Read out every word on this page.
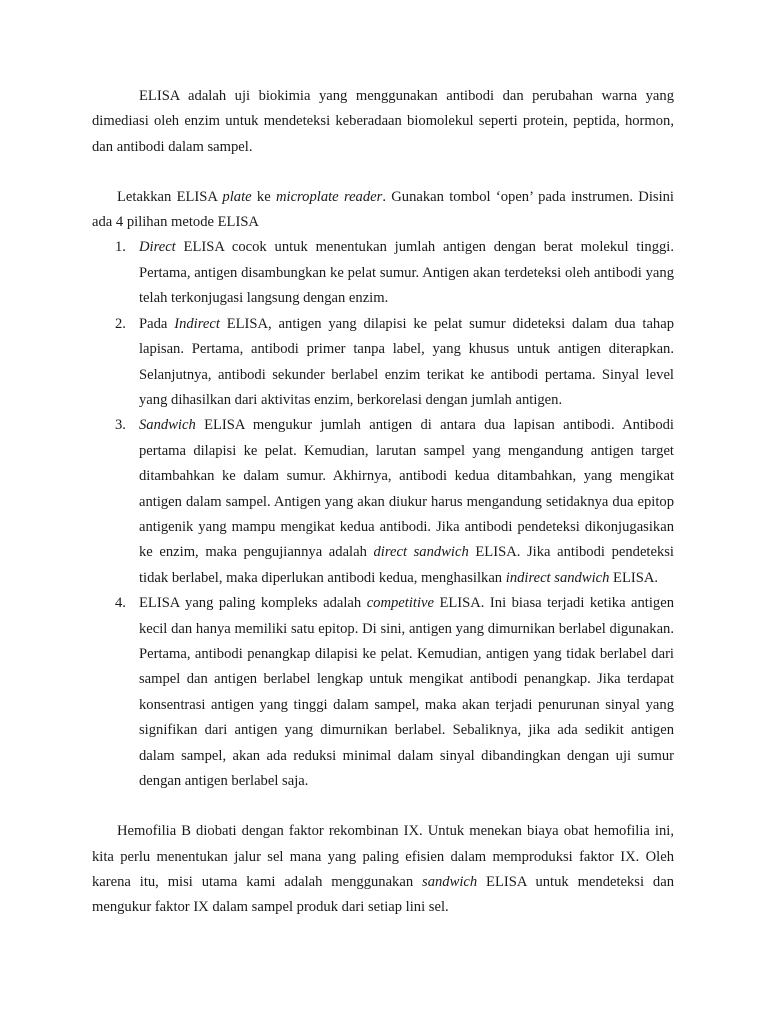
ELISA adalah uji biokimia yang menggunakan antibodi dan perubahan warna yang dimediasi oleh enzim untuk mendeteksi keberadaan biomolekul seperti protein, peptida, hormon, dan antibodi dalam sampel.

Letakkan ELISA plate ke microplate reader. Gunakan tombol ‘open’ pada instrumen. Disini ada 4 pilihan metode ELISA

1. Direct ELISA cocok untuk menentukan jumlah antigen dengan berat molekul tinggi. Pertama, antigen disambungkan ke pelat sumur. Antigen akan terdeteksi oleh antibodi yang telah terkonjugasi langsung dengan enzim.
2. Pada Indirect ELISA, antigen yang dilapisi ke pelat sumur dideteksi dalam dua tahap lapisan. Pertama, antibodi primer tanpa label, yang khusus untuk antigen diterapkan. Selanjutnya, antibodi sekunder berlabel enzim terikat ke antibodi pertama. Sinyal level yang dihasilkan dari aktivitas enzim, berkorelasi dengan jumlah antigen.
3. Sandwich ELISA mengukur jumlah antigen di antara dua lapisan antibodi. Antibodi pertama dilapisi ke pelat. Kemudian, larutan sampel yang mengandung antigen target ditambahkan ke dalam sumur. Akhirnya, antibodi kedua ditambahkan, yang mengikat antigen dalam sampel. Antigen yang akan diukur harus mengandung setidaknya dua epitop antigenik yang mampu mengikat kedua antibodi. Jika antibodi pendeteksi dikonjugasikan ke enzim, maka pengujiannya adalah direct sandwich ELISA. Jika antibodi pendeteksi tidak berlabel, maka diperlukan antibodi kedua, menghasilkan indirect sandwich ELISA.
4. ELISA yang paling kompleks adalah competitive ELISA. Ini biasa terjadi ketika antigen kecil dan hanya memiliki satu epitop. Di sini, antigen yang dimurnikan berlabel digunakan. Pertama, antibodi penangkap dilapisi ke pelat. Kemudian, antigen yang tidak berlabel dari sampel dan antigen berlabel lengkap untuk mengikat antibodi penangkap. Jika terdapat konsentrasi antigen yang tinggi dalam sampel, maka akan terjadi penurunan sinyal yang signifikan dari antigen yang dimurnikan berlabel. Sebaliknya, jika ada sedikit antigen dalam sampel, akan ada reduksi minimal dalam sinyal dibandingkan dengan uji sumur dengan antigen berlabel saja.

Hemofilia B diobati dengan faktor rekombinan IX. Untuk menekan biaya obat hemofilia ini, kita perlu menentukan jalur sel mana yang paling efisien dalam memproduksi faktor IX. Oleh karena itu, misi utama kami adalah menggunakan sandwich ELISA untuk mendeteksi dan mengukur faktor IX dalam sampel produk dari setiap lini sel.
